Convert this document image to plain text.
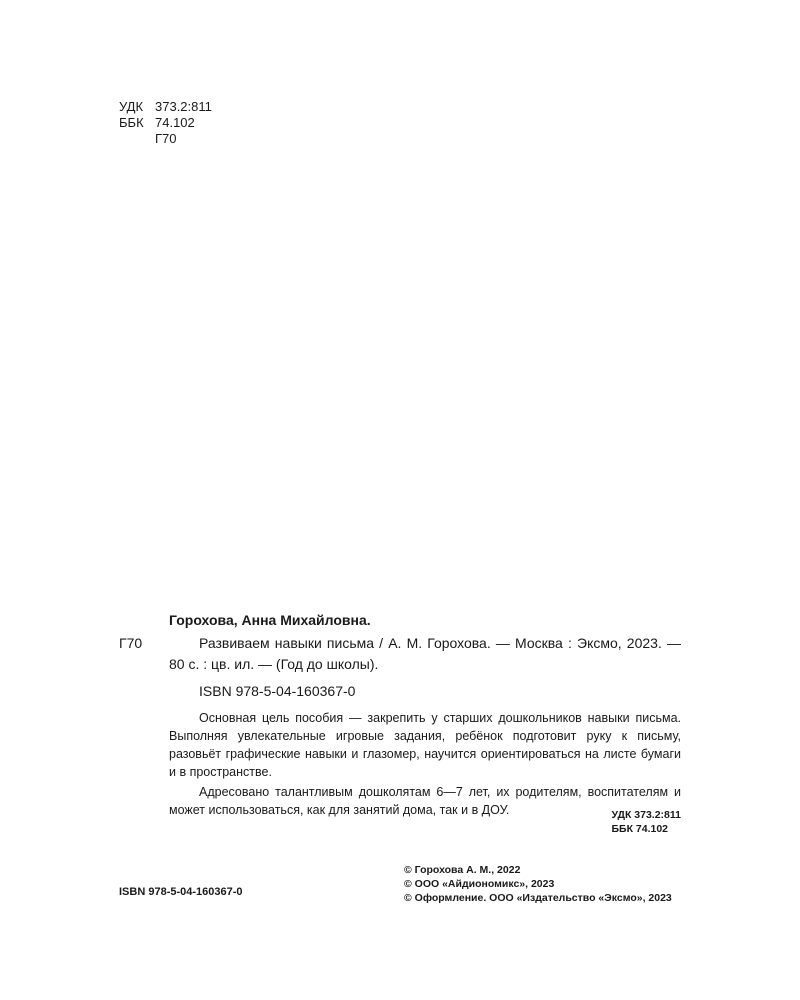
УДК 373.2:811
ББК 74.102
Г70
Горохова, Анна Михайловна.
Г70	Развиваем навыки письма / А. М. Горохова. — Москва : Эксмо, 2023. — 80 с. : цв. ил. — (Год до школы).
ISBN 978-5-04-160367-0

Основная цель пособия — закрепить у старших дошкольников навыки письма. Выполняя увлекательные игровые задания, ребёнок подготовит руку к письму, разовьёт графические навыки и глазомер, научится ориентироваться на листе бумаги и в пространстве.

Адресовано талантливым дошколятам 6—7 лет, их родителям, воспитателям и может использоваться, как для занятий дома, так и в ДОУ.	УДК 373.2:811
ББК 74.102
© Горохова А. М., 2022
© ООО «Айдиономикс», 2023
© Оформление. ООО «Издательство «Эксмо», 2023
ISBN 978-5-04-160367-0
